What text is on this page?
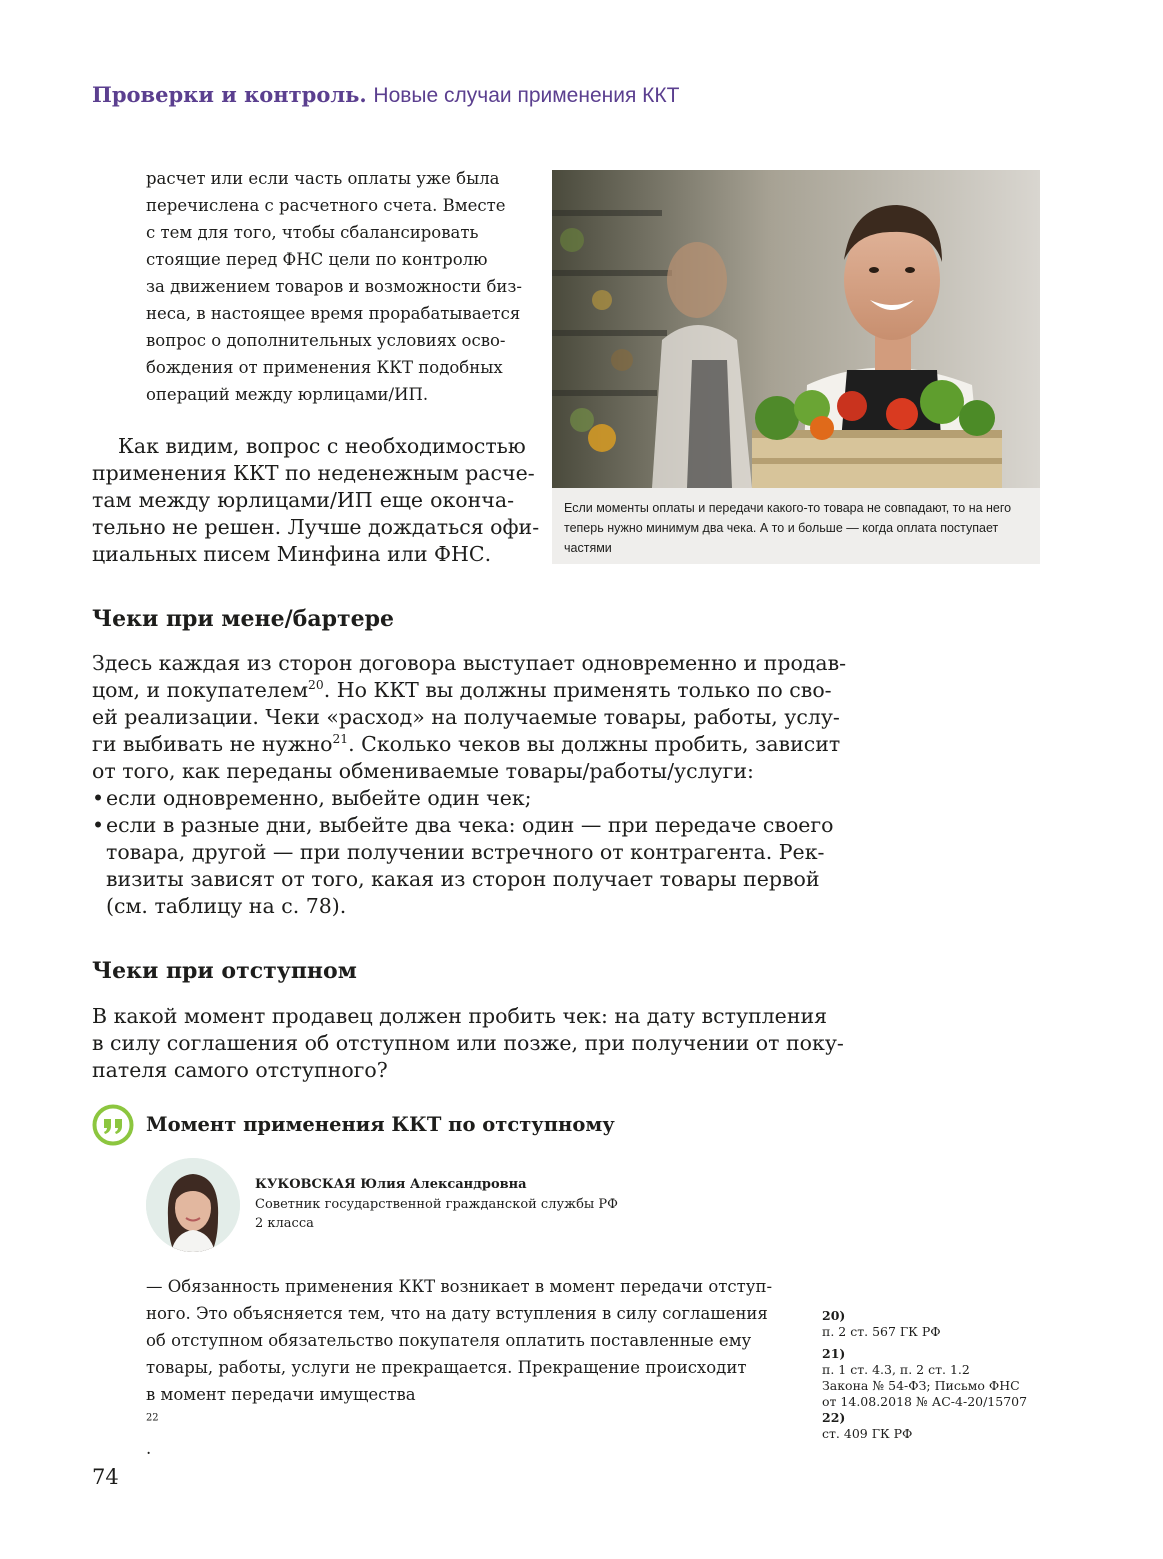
Проверки и контроль. Новые случаи применения ККТ
расчет или если часть оплаты уже была
перечислена с расчетного счета. Вместе
с тем для того, чтобы сбалансировать
стоящие перед ФНС цели по контролю
за движением товаров и возможности биз-
неса, в настоящее время прорабатывается
вопрос о дополнительных условиях осво-
бождения от применения ККТ подобных
операций между юрлицами/ИП.
Как видим, вопрос с необходимостью
применения ККТ по неденежным расче-
там между юрлицами/ИП еще оконча-
тельно не решен. Лучше дождаться офи-
циальных писем Минфина или ФНС.
Если моменты оплаты и передачи какого-то товара не совпадают, то на него
теперь нужно минимум два чека. А то и больше — когда оплата поступает
частями
Чеки при мене/бартере
Здесь каждая из сторон договора выступает одновременно и продав-
цом, и покупателем$^{20}$. Но ККТ вы должны применять только по сво-
ей реализации. Чеки «расход» на получаемые товары, работы, услу-
ги выбивать не нужно$^{21}$. Сколько чеков вы должны пробить, зависит
от того, как переданы обмениваемые товары/работы/услуги:
• если одновременно, выбейте один чек;
• если в разные дни, выбейте два чека: один — при передаче своего
товара, другой — при получении встречного от контрагента. Рек-
визиты зависят от того, какая из сторон получает товары первой
(см. таблицу на с. 78).
Чеки при отступном
В какой момент продавец должен пробить чек: на дату вступления
в силу соглашения об отступном или позже, при получении от поку-
пателя самого отступного?
Момент применения ККТ по отступному
КУКОВСКАЯ Юлия Александровна
Советник государственной гражданской службы РФ
2 класса
— Обязанность применения ККТ возникает в момент передачи отступ-
ного. Это объясняется тем, что на дату вступления в силу соглашения
об отступном обязательство покупателя оплатить поставленные ему
товары, работы, услуги не прекращается. Прекращение происходит
в момент передачи имущества
$^{22}$
.
20)
п. 2 ст. 567 ГК РФ
21)
п. 1 ст. 4.3, п. 2 ст. 1.2
Закона № 54-ФЗ; Письмо ФНС
от 14.08.2018 № АС-4-20/15707
22)
ст. 409 ГК РФ
74
